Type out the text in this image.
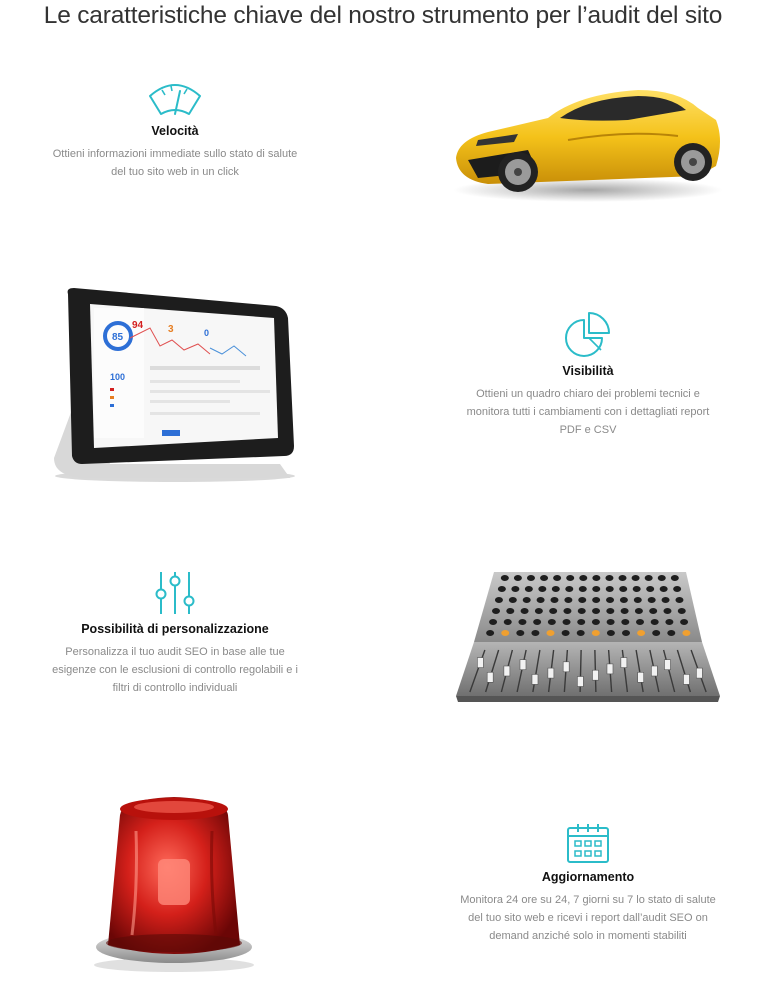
Le caratteristiche chiave del nostro strumento per l’audit del sito
Velocità

Ottieni informazioni immediate sullo stato di salute del tuo sito web in un click

85
94 3	0
100	Visibilità

Ottieni un quadro chiaro dei problemi tecnici e monitora tutti i cambiamenti con i dettagliati report PDF e CSV

Possibilità di personalizzazione

Personalizza il tuo audit SEO in base alle tue esigenze con le esclusioni di controllo regolabili e i filtri di controllo individuali

Aggiornamento

Monitora 24 ore su 24, 7 giorni su 7 lo stato di salute del tuo sito web e ricevi i report dall’audit SEO on demand anziché solo in momenti stabiliti
